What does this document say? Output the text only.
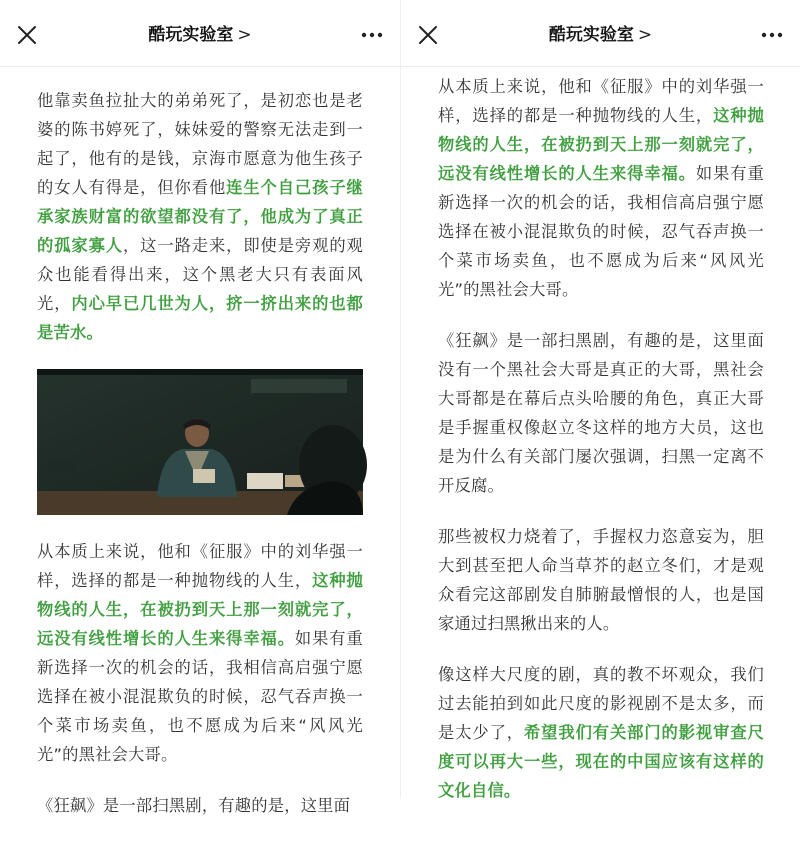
酷玩实验室 >

他靠卖鱼拉扯大的弟弟死了，是初恋也是老婆的陈书婷死了，妹妹爱的警察无法走到一起了，他有的是钱，京海市愿意为他生孩子的女人有得是，但你看他连生个自己孩子继承家族财富的欲望都没有了，他成为了真正的孤家寡人，这一路走来，即使是旁观的观众也能看得出来，这个黑老大只有表面风光，内心早已几世为人，挤一挤出来的也都是苦水。

从本质上来说，他和《征服》中的刘华强一样，选择的都是一种抛物线的人生，这种抛物线的人生，在被扔到天上那一刻就完了，远没有线性增长的人生来得幸福。如果有重新选择一次的机会的话，我相信高启强宁愿选择在被小混混欺负的时候，忍气吞声换一个菜市场卖鱼，也不愿成为后来“风风光光”的黑社会大哥。

《狂飙》是一部扫黑剧，有趣的是，这里面

酷玩实验室 >

从本质上来说，他和《征服》中的刘华强一样，选择的都是一种抛物线的人生，这种抛物线的人生，在被扔到天上那一刻就完了，远没有线性增长的人生来得幸福。如果有重新选择一次的机会的话，我相信高启强宁愿选择在被小混混欺负的时候，忍气吞声换一个菜市场卖鱼，也不愿成为后来“风风光光”的黑社会大哥。

《狂飙》是一部扫黑剧，有趣的是，这里面没有一个黑社会大哥是真正的大哥，黑社会大哥都是在幕后点头哈腰的角色，真正大哥是手握重权像赵立冬这样的地方大员，这也是为什么有关部门屡次强调，扫黑一定离不开反腐。

那些被权力烧着了，手握权力恣意妄为，胆大到甚至把人命当草芥的赵立冬们，才是观众看完这部剧发自肺腑最憎恨的人，也是国家通过扫黑揪出来的人。

像这样大尺度的剧，真的教不坏观众，我们过去能拍到如此尺度的影视剧不是太多，而是太少了，希望我们有关部门的影视审查尺度可以再大一些，现在的中国应该有这样的文化自信。
